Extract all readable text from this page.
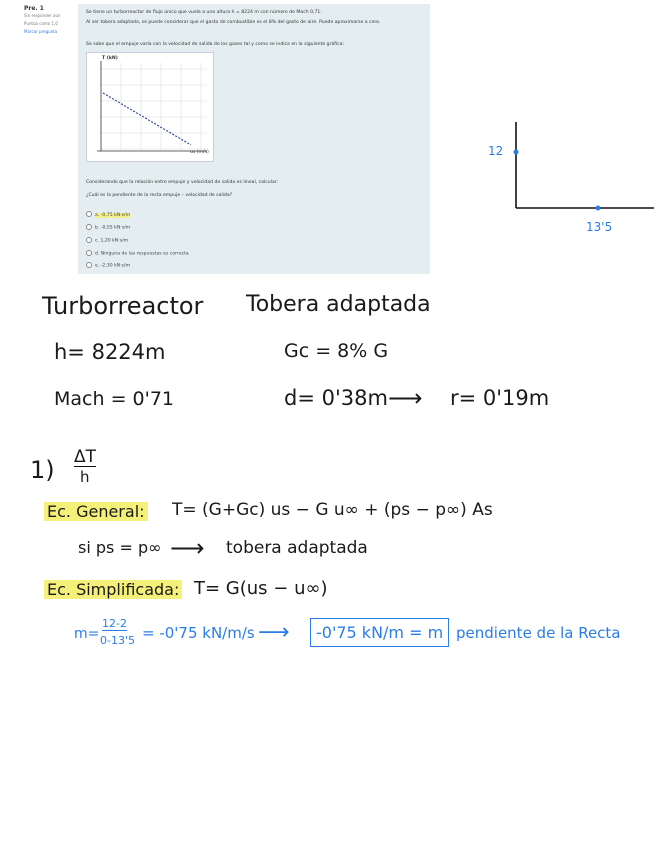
Pre. 1
Sin responder aún
Puntúa como 1,0
Marcar pregunta
Se tiene un turborreactor de flujo único que vuela a una altura h = 8224 m con número de Mach 0,71.
Al ser tobera adaptada, se puede considerar que el gasto de combustible es el 8% del gasto de aire. Puede aproximarse a cero.
Se sabe que el empuje varía con la velocidad de salida de los gases tal y como se indica en la siguiente gráfica:
T (kN)
us (m/s)
Considerando que la relación entre empuje y velocidad de salida es lineal, calcular:
¿Cuál es la pendiente de la recta empuje – velocidad de salida?
a. -0,75 kN·s/m
b. -0,55 kN·s/m
c. 1,20 kN·s/m
d. Ninguna de las respuestas es correcta
e. -2,30 kN·s/m
12
13'5
Turborreactor Tobera adaptada
h= 8224m	Gc = 8% G
Mach = 0'71	d= 0'38m ⟶ r= 0'19m
1) ΔT
h
Ec. General: T= (G+Gc) us − G u∞ + (ps − p∞) As
si ps = p∞ ⟶ tobera adaptada
Ec. Simplificada: T= G(us − u∞)
m=
12-2
0-13'5 = -0'75 kN/m/s ⟶	-0'75 kN/m = m pendiente de la Recta
